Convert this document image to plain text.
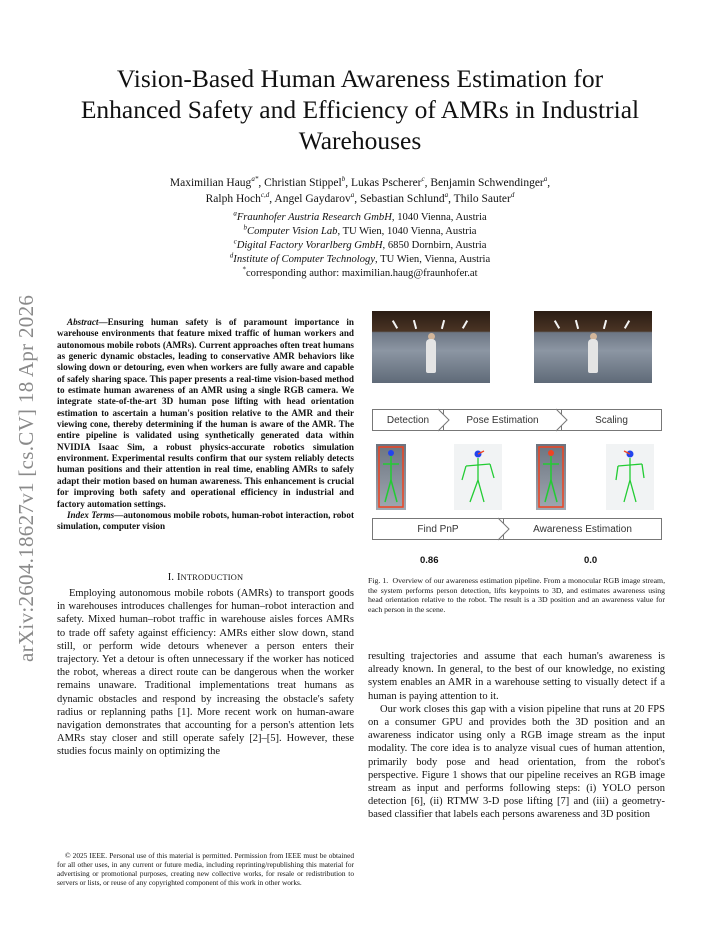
arXiv:2604.18627v1 [cs.CV] 18 Apr 2026
Vision-Based Human Awareness Estimation for Enhanced Safety and Efficiency of AMRs in Industrial Warehouses
Maximilian Haug$^{a*}$, Christian Stippel$^b$, Lukas Pscherer$^c$, Benjamin Schwendinger$^a$,
Ralph Hoch$^{c,d}$, Angel Gaydarov$^a$, Sebastian Schlund$^a$, Thilo Sauter$^d$
$^a$Fraunhofer Austria Research GmbH, 1040 Vienna, Austria
$^b$Computer Vision Lab, TU Wien, 1040 Vienna, Austria
$^c$Digital Factory Vorarlberg GmbH, 6850 Dornbirn, Austria
$^d$Institute of Computer Technology, TU Wien, Vienna, Austria
*corresponding author: maximilian.haug@fraunhofer.at

Abstract—Ensuring human safety is of paramount importance in warehouse environments that feature mixed traffic of human workers and autonomous mobile robots (AMRs). Current approaches often treat humans as generic dynamic obstacles, leading to conservative AMR behaviors like slowing down or detouring, even when workers are fully aware and capable of safely sharing space. This paper presents a real-time vision-based method to estimate human awareness of an AMR using a single RGB camera. We integrate state-of-the-art 3D human pose lifting with head orientation estimation to ascertain a human's position relative to the AMR and their viewing cone, thereby determining if the human is aware of the AMR. The entire pipeline is validated using synthetically generated data within NVIDIA Isaac Sim, a robust physics-accurate robotics simulation environment. Experimental results confirm that our system reliably detects human positions and their attention in real time, enabling AMRs to safely adapt their motion based on human awareness. This enhancement is crucial for improving both safety and operational efficiency in industrial and factory automation settings.

Index Terms—autonomous mobile robots, human-robot interaction, robot simulation, computer vision

I. INTRODUCTION

Employing autonomous mobile robots (AMRs) to transport goods in warehouses introduces challenges for human–robot interaction and safety. Mixed human–robot traffic in warehouse aisles forces AMRs to trade off safety against efficiency: AMRs either slow down, stand still, or perform wide detours whenever a person enters their trajectory. Yet a detour is often unnecessary if the worker has noticed the robot, whereas a direct route can be dangerous when the worker remains unaware. Traditional implementations treat humans as dynamic obstacles and respond by increasing the obstacle's safety radius or replanning paths [1]. More recent work on human-aware navigation demonstrates that accounting for a person's attention lets AMRs stay closer and still operate safely [2]–[5]. However, these studies focus mainly on optimizing the

© 2025 IEEE. Personal use of this material is permitted. Permission from IEEE must be obtained for all other uses, in any current or future media, including reprinting/republishing this material for advertising or promotional purposes, creating new collective works, for resale or redistribution to servers or lists, or reuse of any copyrighted component of this work in other works.

Detection	Pose Estimation	Scaling
Find PnP	Awareness Estimation
0.86	0.0
Fig. 1. Overview of our awareness estimation pipeline. From a monocular RGB image stream, the system performs person detection, lifts keypoints to 3D, and estimates awareness using head orientation relative to the robot. The result is a 3D position and an awareness value for each person in the scene.

resulting trajectories and assume that each human's awareness is already known. In general, to the best of our knowledge, no existing system enables an AMR in a warehouse setting to visually detect if a human is paying attention to it.

Our work closes this gap with a vision pipeline that runs at 20 FPS on a consumer GPU and provides both the 3D position and an awareness indicator using only a RGB image stream as the input modality. The core idea is to analyze visual cues of human attention, primarily body pose and head orientation, from the robot's perspective. Figure 1 shows that our pipeline receives an RGB image stream as input and performs following steps: (i) YOLO person detection [6], (ii) RTMW 3-D pose lifting [7] and (iii) a geometry-based classifier that labels each persons awareness and 3D position
